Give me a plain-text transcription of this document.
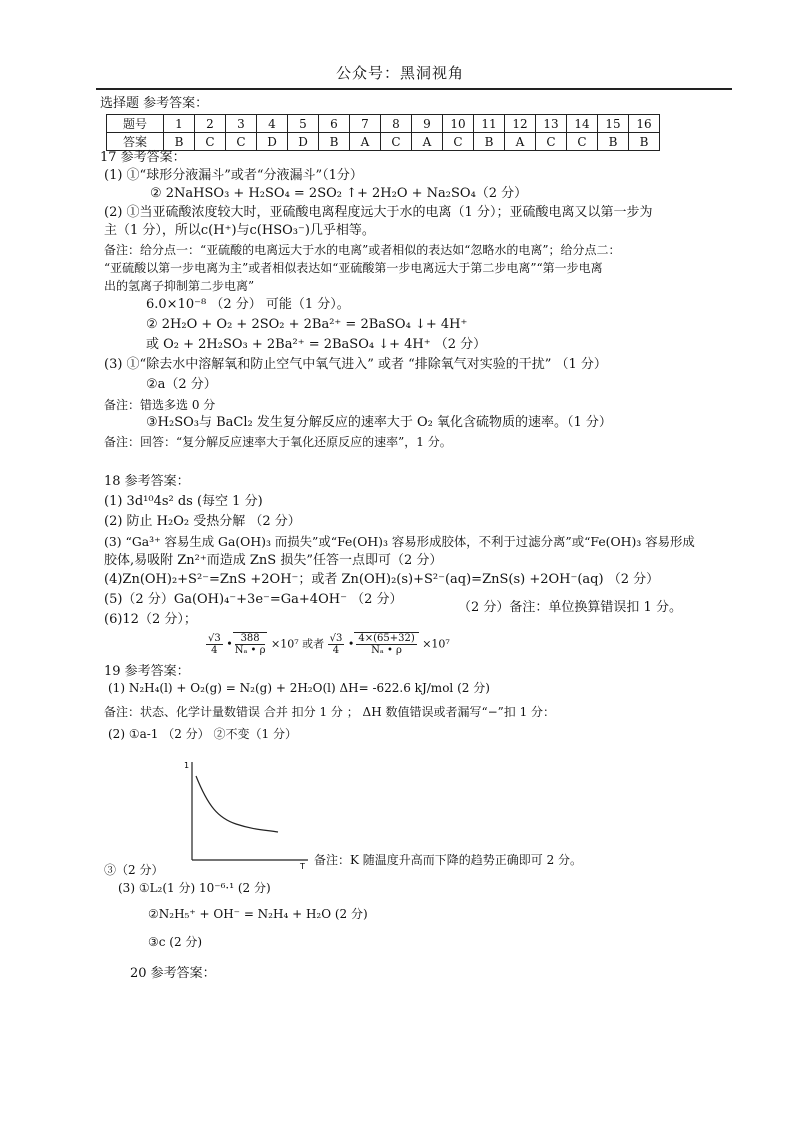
公众号：黑洞视角
选择题 参考答案：
题号	1	2	3	4	5	6	7	8	9	10	11	12	13	14	15	16
答案	B	C	C	D	D	B	A	C	A	C	B	A	C	C	B	B
17 参考答案：
(1) ①“球形分液漏斗”或者“分液漏斗”（1分）
② 2NaHSO₃ + H₂SO₄ = 2SO₂ ↑+ 2H₂O + Na₂SO₄（2 分）
(2) ①当亚硫酸浓度较大时，亚硫酸电离程度远大于水的电离（1 分）；亚硫酸电离又以第一步为
主（1 分），所以c(H⁺)与c(HSO₃⁻)几乎相等。
备注：给分点一：“亚硫酸的电离远大于水的电离”或者相似的表达如“忽略水的电离”；给分点二：
“亚硫酸以第一步电离为主”或者相似表达如“亚硫酸第一步电离远大于第二步电离”“第一步电离
出的氢离子抑制第二步电离”
6.0×10⁻⁸ （2 分） 可能（1 分）。
② 2H₂O + O₂ + 2SO₂ + 2Ba²⁺ = 2BaSO₄ ↓+ 4H⁺
或 O₂ + 2H₂SO₃ + 2Ba²⁺ = 2BaSO₄ ↓+ 4H⁺ （2 分）
(3) ①“除去水中溶解氧和防止空气中氧气进入” 或者 “排除氧气对实验的干扰” （1 分）
②a（2 分）
备注：错选多选 0 分
③H₂SO₃与 BaCl₂ 发生复分解反应的速率大于 O₂ 氧化含硫物质的速率。（1 分）
备注：回答：“复分解反应速率大于氧化还原反应的速率”，1 分。
18 参考答案：
(1) 3d¹⁰4s² ds (每空 1 分)
(2) 防止 H₂O₂ 受热分解 （2 分）
(3) “Ga³⁺ 容易生成 Ga(OH)₃ 而损失”或“Fe(OH)₃ 容易形成胶体，不利于过滤分离”或“Fe(OH)₃ 容易形成
胶体,易吸附 Zn²⁺而造成 ZnS 损失”任答一点即可（2 分）
(4)Zn(OH)₂+S²⁻=ZnS +2OH⁻；或者 Zn(OH)₂(s)+S²⁻(aq)=ZnS(s) +2OH⁻(aq) （2 分）
(5)（2 分）Ga(OH)₄⁻+3e⁻=Ga+4OH⁻ （2 分）
(6)12（2 分）；
$\frac{√3}{4}$ • $\frac{388}{\text{Nₐ • ρ}} \times 10^7$ 或者 $\frac{√3}{4}$ • $\frac{4\times(65+32)}{\text{Nₐ • ρ}} \times 10^7$
（2 分）备注：单位换算错误扣 1 分。
19 参考答案：
(1) N₂H₄(l) + O₂(g) = N₂(g) + 2H₂O(l) ΔH= -622.6 kJ/mol (2 分)
备注：状态、化学计量数错误 合并 扣分 1 分 ； ΔH 数值错误或者漏写“−”扣 1 分：
(2) ①a-1 （2 分） ②不变（1 分）
1
T
③（2 分）
备注：K 随温度升高而下降的趋势正确即可 2 分。
(3) ①L₂(1 分) 10⁻⁶·¹ (2 分)
②N₂H₅⁺ + OH⁻ = N₂H₄ + H₂O (2 分)
③c (2 分)
20 参考答案：
